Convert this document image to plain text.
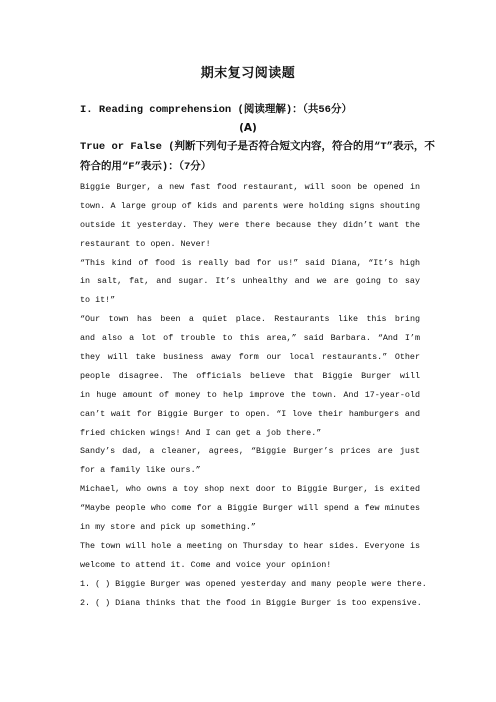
期末复习阅读题
I. Reading comprehension (阅读理解)：（共56分）
(A)
True or False (判断下列句子是否符合短文内容，符合的用“T”表示，不
符合的用“F”表示)：（7分）
Biggie Burger, a new fast food restaurant, will soon be opened in
town. A large group of kids and parents were holding signs shouting
outside it yesterday. They were there because they didn’t want the
restaurant to open. Never!
“This kind of food is really bad for us!” said Diana, “It’s high
in salt, fat, and sugar. It’s unhealthy and we are going to say
to it!”
“Our town has been a quiet place. Restaurants like this bring
and also a lot of trouble to this area,” said Barbara. “And I’m
they will take business away form our local restaurants.” Other
people disagree. The officials believe that Biggie Burger will
in huge amount of money to help improve the town. And 17-year-old
can’t wait for Biggie Burger to open. “I love their hamburgers and
fried chicken wings! And I can get a job there.”
Sandy’s dad, a cleaner, agrees, “Biggie Burger’s prices are just
for a family like ours.”
Michael, who owns a toy shop next door to Biggie Burger, is exited
“Maybe people who come for a Biggie Burger will spend a few minutes
in my store and pick up something.”
The town will hole a meeting on Thursday to hear sides. Everyone is
welcome to attend it. Come and voice your opinion!
1. ( ) Biggie Burger was opened yesterday and many people were there.
2. ( ) Diana thinks that the food in Biggie Burger is too expensive.
